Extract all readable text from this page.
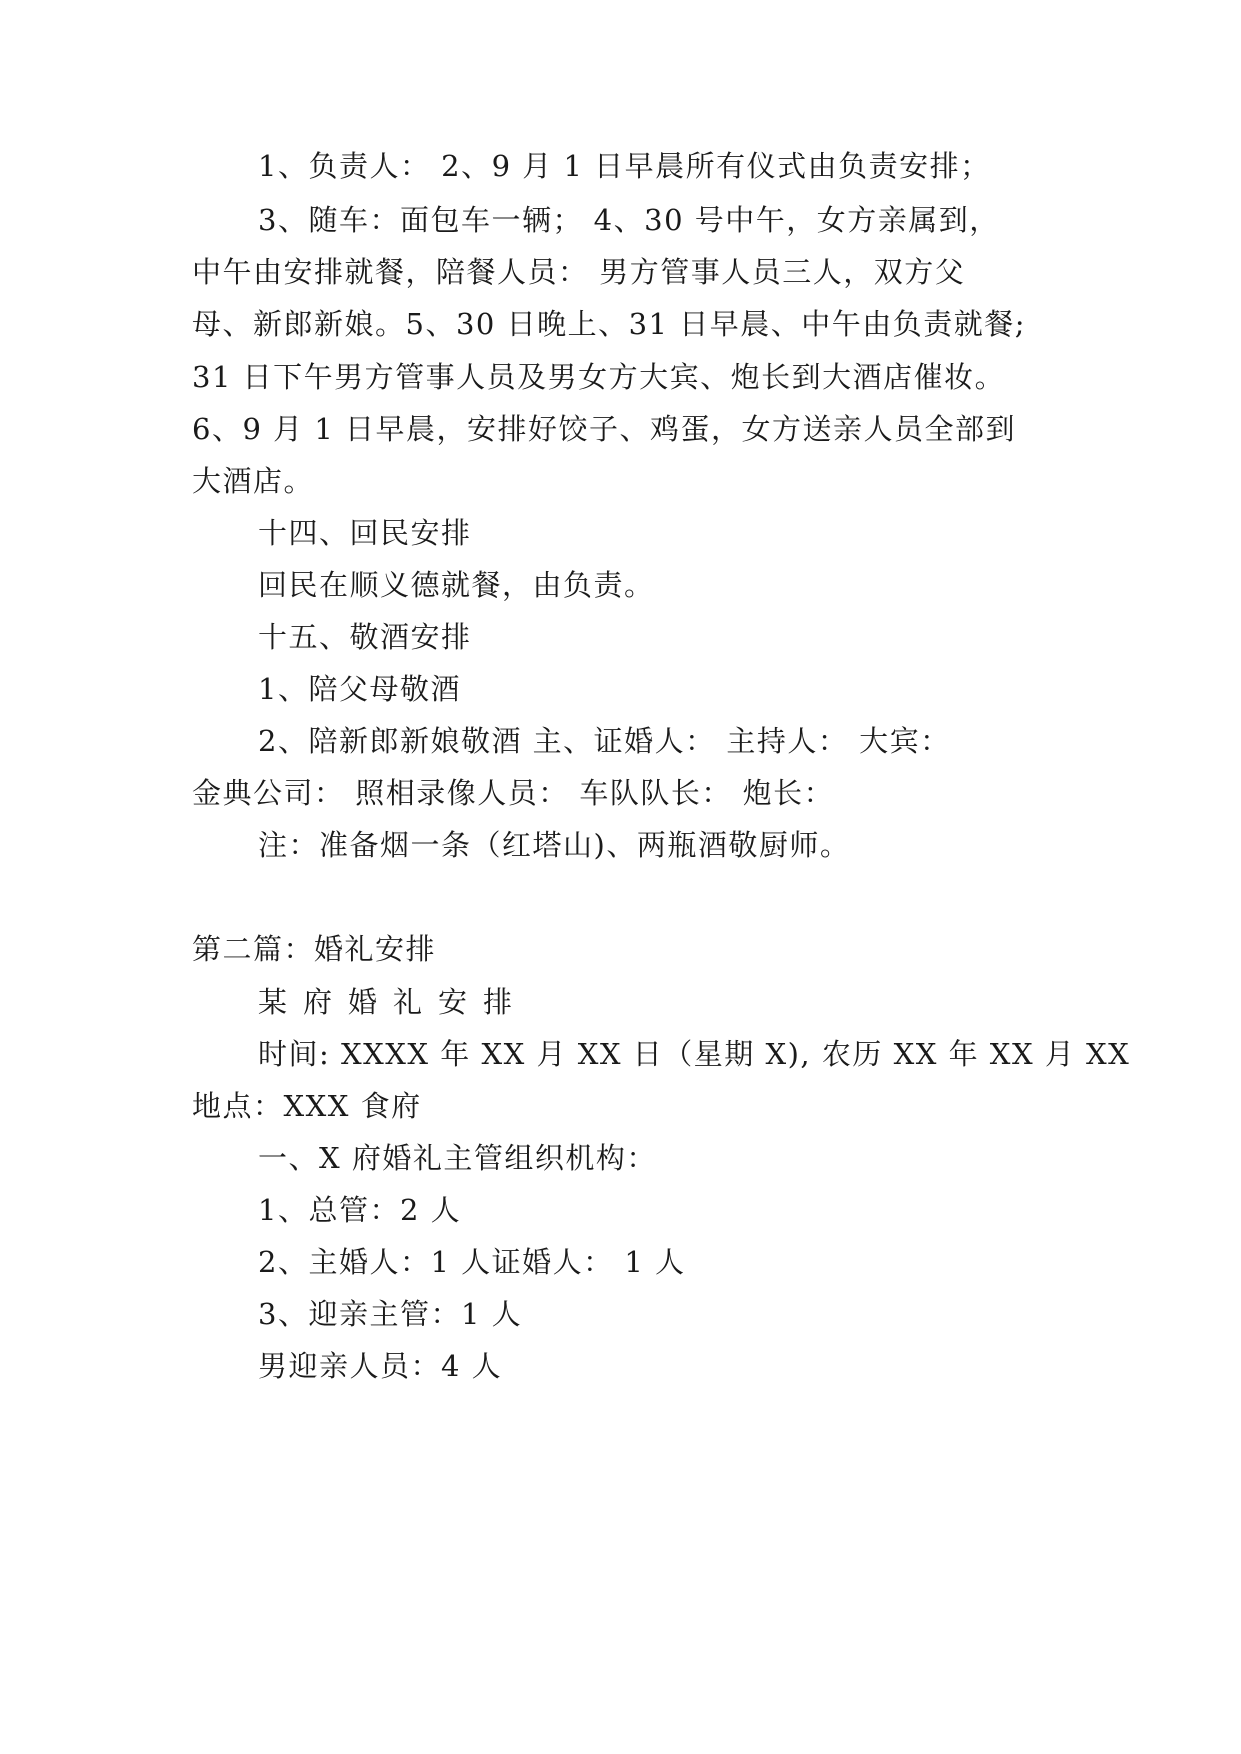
1、负责人： 2、9 月 1 日早晨所有仪式由负责安排；
3、随车：面包车一辆； 4、30 号中午，女方亲属到，
中午由安排就餐，陪餐人员： 男方管事人员三人，双方父
母、新郎新娘。5、30 日晚上、31 日早晨、中午由负责就餐;
31 日下午男方管事人员及男女方大宾、炮长到大酒店催妆。
6、9 月 1 日早晨，安排好饺子、鸡蛋，女方送亲人员全部到
大酒店。
十四、回民安排
回民在顺义德就餐，由负责。
十五、敬酒安排
1、陪父母敬酒
2、陪新郎新娘敬酒 主、证婚人： 主持人： 大宾：
金典公司： 照相录像人员： 车队队长： 炮长：
注：准备烟一条（红塔山)、两瓶酒敬厨师。
第二篇：婚礼安排
某府婚礼安排
时间: XXXX 年 XX 月 XX 日（星期 X), 农历 XX 年 XX 月 XX
地点：XXX 食府
一、X 府婚礼主管组织机构：
1、总管：2 人
2、主婚人：1 人证婚人： 1 人
3、迎亲主管：1 人
男迎亲人员：4 人
